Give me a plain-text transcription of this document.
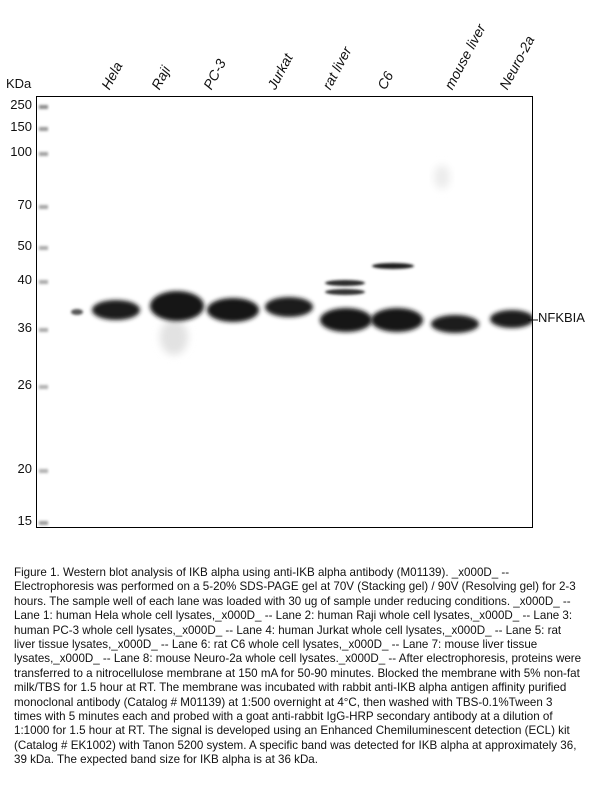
KDa
250
150
100
70
50
40
36
26
20
15
Hela Raji PC-3 Jurkat rat liver C6	mouse liver Neuro-2a
NFKBIA
Figure 1. Western blot analysis of IKB alpha using anti-IKB alpha antibody (M01139). _x000D_ -- Electrophoresis was performed on a 5-20% SDS-PAGE gel at 70V (Stacking gel) / 90V (Resolving gel) for 2-3 hours. The sample well of each lane was loaded with 30 ug of sample under reducing conditions. _x000D_ -- Lane 1: human Hela whole cell lysates,_x000D_ -- Lane 2: human Raji whole cell lysates,_x000D_ -- Lane 3: human PC-3 whole cell lysates,_x000D_ -- Lane 4: human Jurkat whole cell lysates,_x000D_ -- Lane 5: rat liver tissue lysates,_x000D_ -- Lane 6: rat C6 whole cell lysates,_x000D_ -- Lane 7: mouse liver tissue lysates,_x000D_ -- Lane 8: mouse Neuro-2a whole cell lysates._x000D_ -- After electrophoresis, proteins were transferred to a nitrocellulose membrane at 150 mA for 50-90 minutes. Blocked the membrane with 5% non-fat milk/TBS for 1.5 hour at RT. The membrane was incubated with rabbit anti-IKB alpha antigen affinity purified monoclonal antibody (Catalog # M01139) at 1:500 overnight at 4°C, then washed with TBS-0.1%Tween 3 times with 5 minutes each and probed with a goat anti-rabbit IgG-HRP secondary antibody at a dilution of 1:1000 for 1.5 hour at RT. The signal is developed using an Enhanced Chemiluminescent detection (ECL) kit (Catalog # EK1002) with Tanon 5200 system. A specific band was detected for IKB alpha at approximately 36, 39 kDa. The expected band size for IKB alpha is at 36 kDa.
